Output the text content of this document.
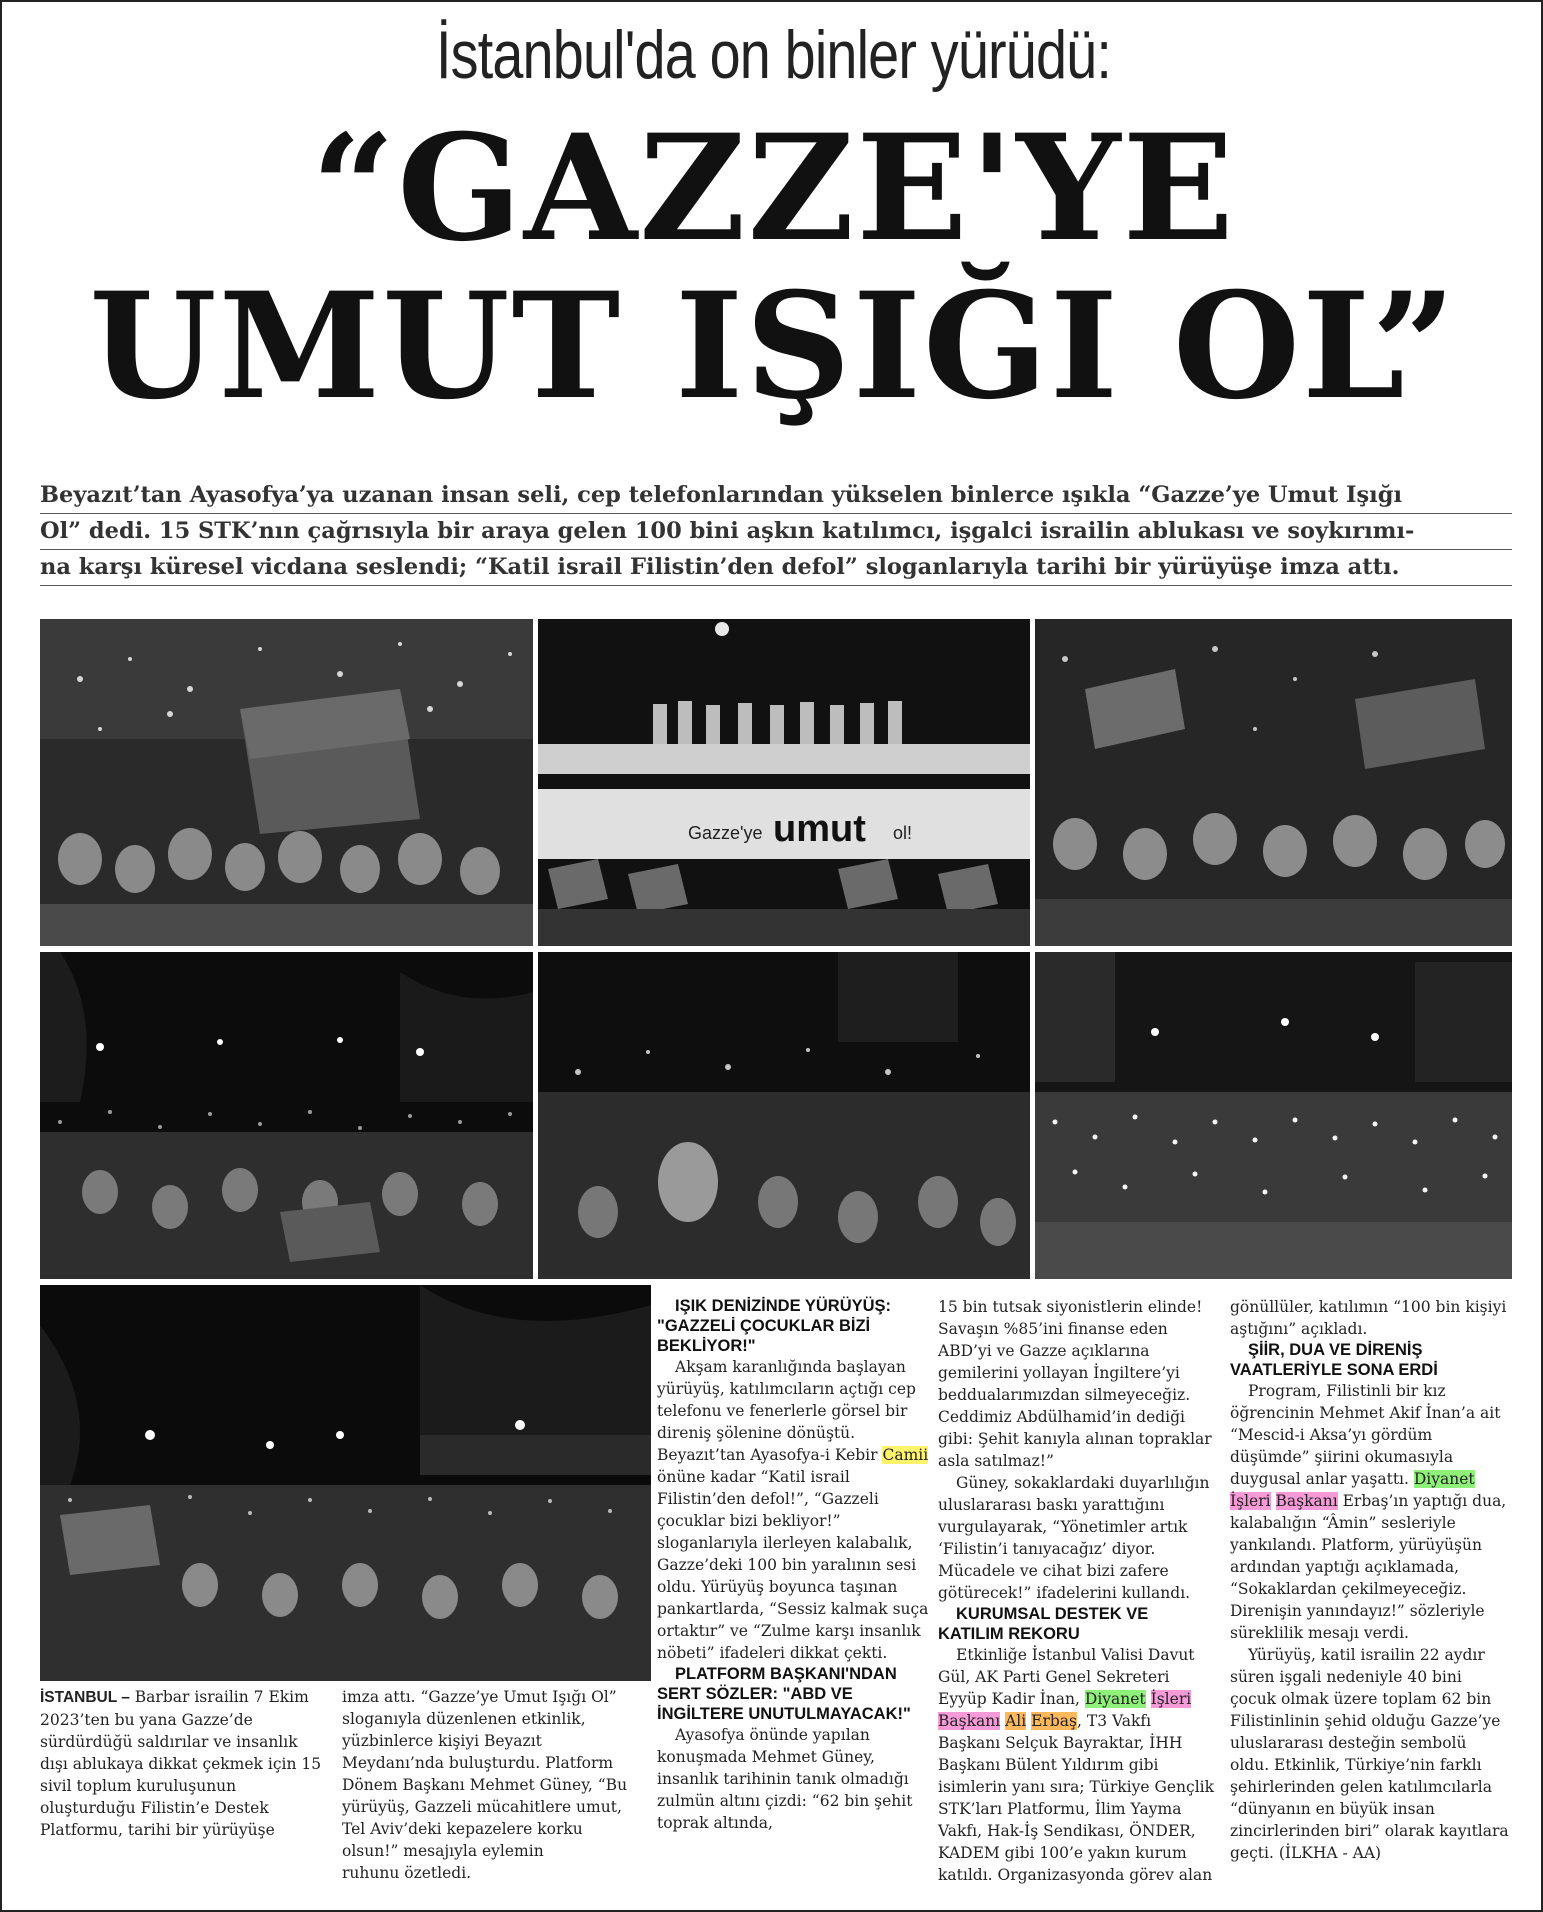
İstanbul'da on binler yürüdü:
“GAZZE'YE
UMUT IŞIĞI OL”
Beyazıt’tan Ayasofya’ya uzanan insan seli, cep telefonlarından yükselen binlerce ışıkla “Gazze’ye Umut Işığı
Ol” dedi. 15 STK’nın çağrısıyla bir araya gelen 100 bini aşkın katılımcı, işgalci israilin ablukası ve soykırımı-
na karşı küresel vicdana seslendi; “Katil israil Filistin’den defol” sloganlarıyla tarihi bir yürüyüşe imza attı.
Gazze'ye umut ol!

İSTANBUL – Barbar israilin 7 Ekim 2023’ten bu yana Gazze’de sürdürdüğü saldırılar ve insanlık dışı ablukaya dikkat çekmek için 15 sivil toplum kuruluşunun oluşturduğu Filistin’e Destek Platformu, tarihi bir yürüyüşe

imza attı. “Gazze’ye Umut Işığı Ol” sloganıyla düzenlenen etkinlik, yüzbinlerce kişiyi Beyazıt Meydanı’nda buluşturdu. Platform Dönem Başkanı Mehmet Güney, “Bu yürüyüş, Gazzeli mücahitlere umut, Tel Aviv’deki kepazelere korku olsun!” mesajıyla eylemin

ruhunu özetledi.

IŞIK DENİZİNDE YÜRÜYÜŞ: "GAZZELİ ÇOCUKLAR BİZİ BEKLİYOR!"

Akşam karanlığında başlayan yürüyüş, katılımcıların açtığı cep telefonu ve fenerlerle görsel bir direniş şölenine dönüştü. Beyazıt’tan Ayasofya-i Kebir Camii önüne kadar “Katil israil Filistin’den defol!”, “Gazzeli çocuklar bizi bekliyor!” sloganlarıyla ilerleyen kalabalık, Gazze’deki 100 bin yaralının sesi oldu. Yürüyüş boyunca taşınan pankartlarda, “Sessiz kalmak suça ortaktır” ve “Zulme karşı insanlık nöbeti” ifadeleri dikkat çekti.

PLATFORM BAŞKANI'NDAN SERT SÖZLER: "ABD VE İNGİLTERE UNUTULMAYACAK!"

Ayasofya önünde yapılan konuşmada Mehmet Güney, insanlık tarihinin tanık olmadığı zulmün altını çizdi: “62 bin şehit toprak altında,

15 bin tutsak siyonistlerin elinde! Savaşın %85’ini finanse eden ABD’yi ve Gazze açıklarına gemilerini yollayan İngiltere’yi beddualarımızdan silmeyeceğiz. Ceddimiz Abdülhamid’in dediği gibi: Şehit kanıyla alınan topraklar asla satılmaz!”

Güney, sokaklardaki duyarlılığın uluslararası baskı yarattığını vurgulayarak, “Yönetimler artık ‘Filistin’i tanıyacağız’ diyor. Mücadele ve cihat bizi zafere götürecek!” ifadelerini kullandı.

KURUMSAL DESTEK VE KATILIM REKORU

Etkinliğe İstanbul Valisi Davut Gül, AK Parti Genel Sekreteri Eyyüp Kadir İnan, Diyanet İşleri Başkanı Ali Erbaş, T3 Vakfı Başkanı Selçuk Bayraktar, İHH Başkanı Bülent Yıldırım gibi isimlerin yanı sıra; Türkiye Gençlik STK’ları Platformu, İlim Yayma Vakfı, Hak-İş Sendikası, ÖNDER, KADEM gibi 100’e yakın kurum katıldı. Organizasyonda görev alan

gönüllüler, katılımın “100 bin kişiyi aştığını” açıkladı.

ŞİİR, DUA VE DİRENİŞ VAATLERİYLE SONA ERDİ

Program, Filistinli bir kız öğrencinin Mehmet Akif İnan’a ait “Mescid-i Aksa’yı gördüm düşümde” şiirini okumasıyla duygusal anlar yaşattı. Diyanet İşleri Başkanı Erbaş’ın yaptığı dua, kalabalığın “Âmin” sesleriyle yankılandı. Platform, yürüyüşün ardından yaptığı açıklamada, “Sokaklardan çekilmeyeceğiz. Direnişin yanındayız!” sözleriyle süreklilik mesajı verdi.

Yürüyüş, katil israilin 22 aydır süren işgali nedeniyle 40 bini çocuk olmak üzere toplam 62 bin Filistinlinin şehid olduğu Gazze’ye uluslararası desteğin sembolü oldu. Etkinlik, Türkiye’nin farklı şehirlerinden gelen katılımcılarla “dünyanın en büyük insan zincirlerinden biri” olarak kayıtlara geçti. (İLKHA - AA)
